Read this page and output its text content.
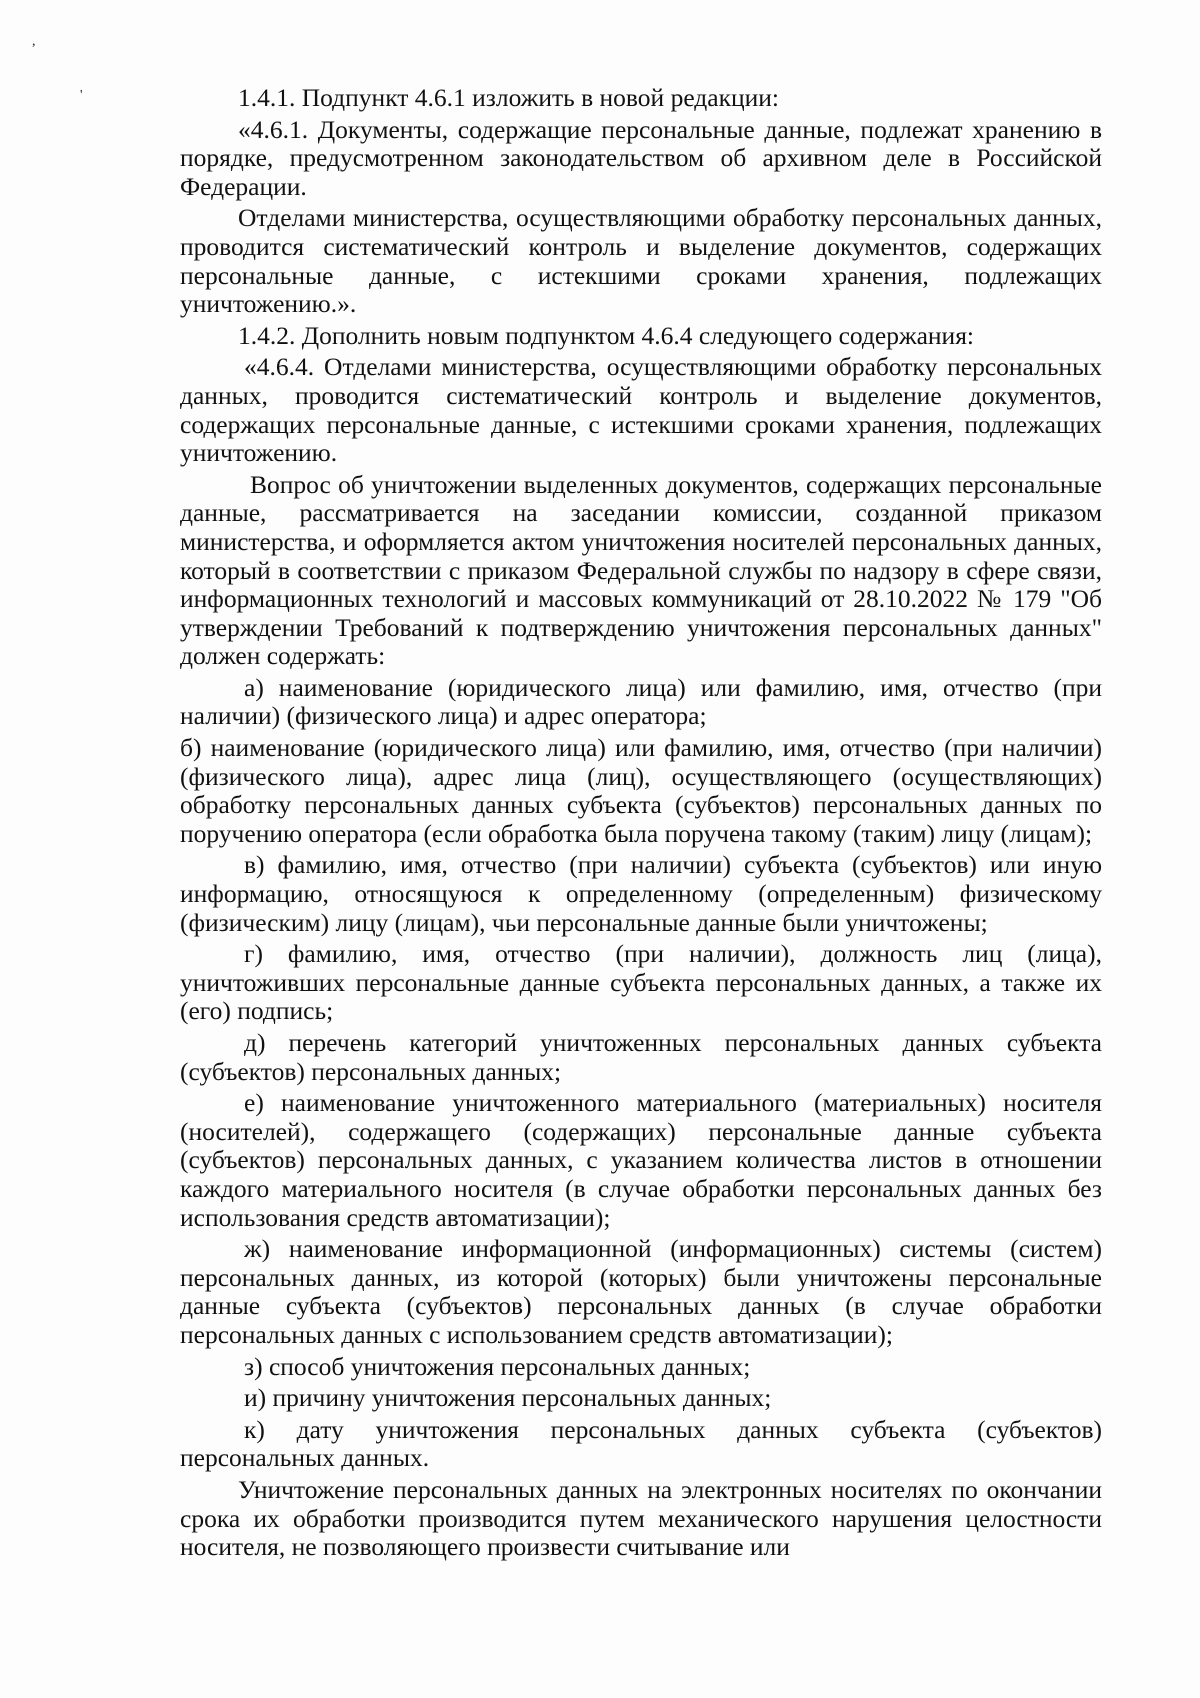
,
'	1.4.1. Подпункт 4.6.1 изложить в новой редакции:

«4.6.1. Документы, содержащие персональные данные, подлежат хранению в порядке, предусмотренном законодательством об архивном деле в Российской Федерации.

Отделами министерства, осуществляющими обработку персональных данных, проводится систематический контроль и выделение документов, содержащих персональные данные, с истекшими сроками хранения, подлежащих уничтожению.».

1.4.2. Дополнить новым подпунктом 4.6.4 следующего содержания:

«4.6.4. Отделами министерства, осуществляющими обработку персональных данных, проводится систематический контроль и выделение документов, содержащих персональные данные, с истекшими сроками хранения, подлежащих уничтожению.

Вопрос об уничтожении выделенных документов, содержащих персональные данные, рассматривается на заседании комиссии, созданной приказом министерства, и оформляется актом уничтожения носителей персональных данных, который в соответствии с приказом Федеральной службы по надзору в сфере связи, информационных технологий и массовых коммуникаций от 28.10.2022 № 179 "Об утверждении Требований к подтверждению уничтожения персональных данных" должен содержать:

а) наименование (юридического лица) или фамилию, имя, отчество (при наличии) (физического лица) и адрес оператора;

б) наименование (юридического лица) или фамилию, имя, отчество (при наличии) (физического лица), адрес лица (лиц), осуществляющего (осуществляющих) обработку персональных данных субъекта (субъектов) персональных данных по поручению оператора (если обработка была поручена такому (таким) лицу (лицам);

в) фамилию, имя, отчество (при наличии) субъекта (субъектов) или иную информацию, относящуюся к определенному (определенным) физическому (физическим) лицу (лицам), чьи персональные данные были уничтожены;

г) фамилию, имя, отчество (при наличии), должность лиц (лица), уничтоживших персональные данные субъекта персональных данных, а также их (его) подпись;

д) перечень категорий уничтоженных персональных данных субъекта (субъектов) персональных данных;

е) наименование уничтоженного материального (материальных) носителя (носителей), содержащего (содержащих) персональные данные субъекта (субъектов) персональных данных, с указанием количества листов в отношении каждого материального носителя (в случае обработки персональных данных без использования средств автоматизации);

ж) наименование информационной (информационных) системы (систем) персональных данных, из которой (которых) были уничтожены персональные данные субъекта (субъектов) персональных данных (в случае обработки персональных данных с использованием средств автоматизации);

з) способ уничтожения персональных данных;

и) причину уничтожения персональных данных;

к) дату уничтожения персональных данных субъекта (субъектов) персональных данных.

Уничтожение персональных данных на электронных носителях по окончании срока их обработки производится путем механического нарушения целостности носителя, не позволяющего произвести считывание или
